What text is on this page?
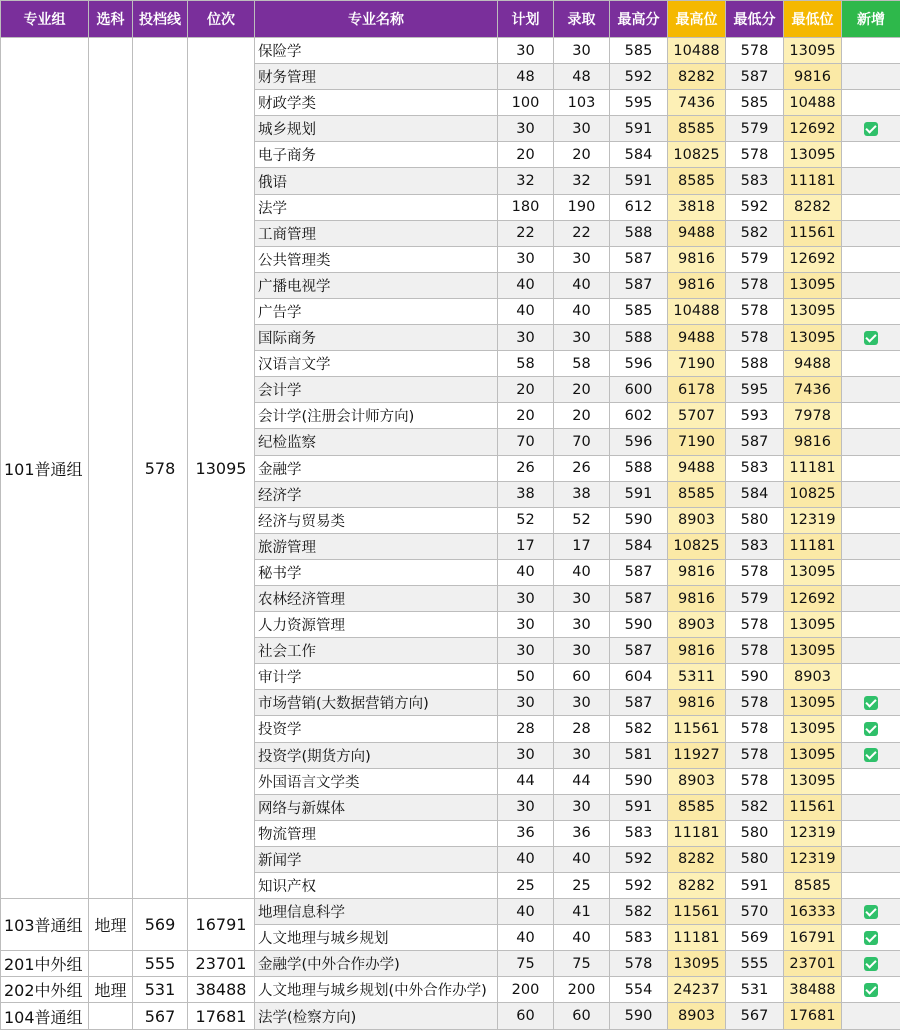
专业组	选科	投档线	位次	专业名称	计划	录取	最高分	最高位	最低分	最低位	新增
101普通组		578	13095	保险学	30	30	585	10488	578	13095	
				财务管理	48	48	592	8282	587	9816	
				财政学类	100	103	595	7436	585	10488	
				城乡规划	30	30	591	8585	579	12692	
				电子商务	20	20	584	10825	578	13095	
				俄语	32	32	591	8585	583	11181	
				法学	180	190	612	3818	592	8282	
				工商管理	22	22	588	9488	582	11561	
				公共管理类	30	30	587	9816	579	12692	
				广播电视学	40	40	587	9816	578	13095	
				广告学	40	40	585	10488	578	13095	
				国际商务	30	30	588	9488	578	13095	
				汉语言文学	58	58	596	7190	588	9488	
				会计学	20	20	600	6178	595	7436	
				会计学(注册会计师方向)	20	20	602	5707	593	7978	
				纪检监察	70	70	596	7190	587	9816	
				金融学	26	26	588	9488	583	11181	
				经济学	38	38	591	8585	584	10825	
				经济与贸易类	52	52	590	8903	580	12319	
				旅游管理	17	17	584	10825	583	11181	
				秘书学	40	40	587	9816	578	13095	
				农林经济管理	30	30	587	9816	579	12692	
				人力资源管理	30	30	590	8903	578	13095	
				社会工作	30	30	587	9816	578	13095	
				审计学	50	60	604	5311	590	8903	
				市场营销(大数据营销方向)	30	30	587	9816	578	13095	
				投资学	28	28	582	11561	578	13095	
				投资学(期货方向)	30	30	581	11927	578	13095	
				外国语言文学类	44	44	590	8903	578	13095	
				网络与新媒体	30	30	591	8585	582	11561	
				物流管理	36	36	583	11181	580	12319	
				新闻学	40	40	592	8282	580	12319	
				知识产权	25	25	592	8282	591	8585	
103普通组	地理	569	16791	地理信息科学	40	41	582	11561	570	16333	
				人文地理与城乡规划	40	40	583	11181	569	16791	
201中外组		555	23701	金融学(中外合作办学)	75	75	578	13095	555	23701	
202中外组	地理	531	38488	人文地理与城乡规划(中外合作办学)	200	200	554	24237	531	38488	
104普通组		567	17681	法学(检察方向)	60	60	590	8903	567	17681	
